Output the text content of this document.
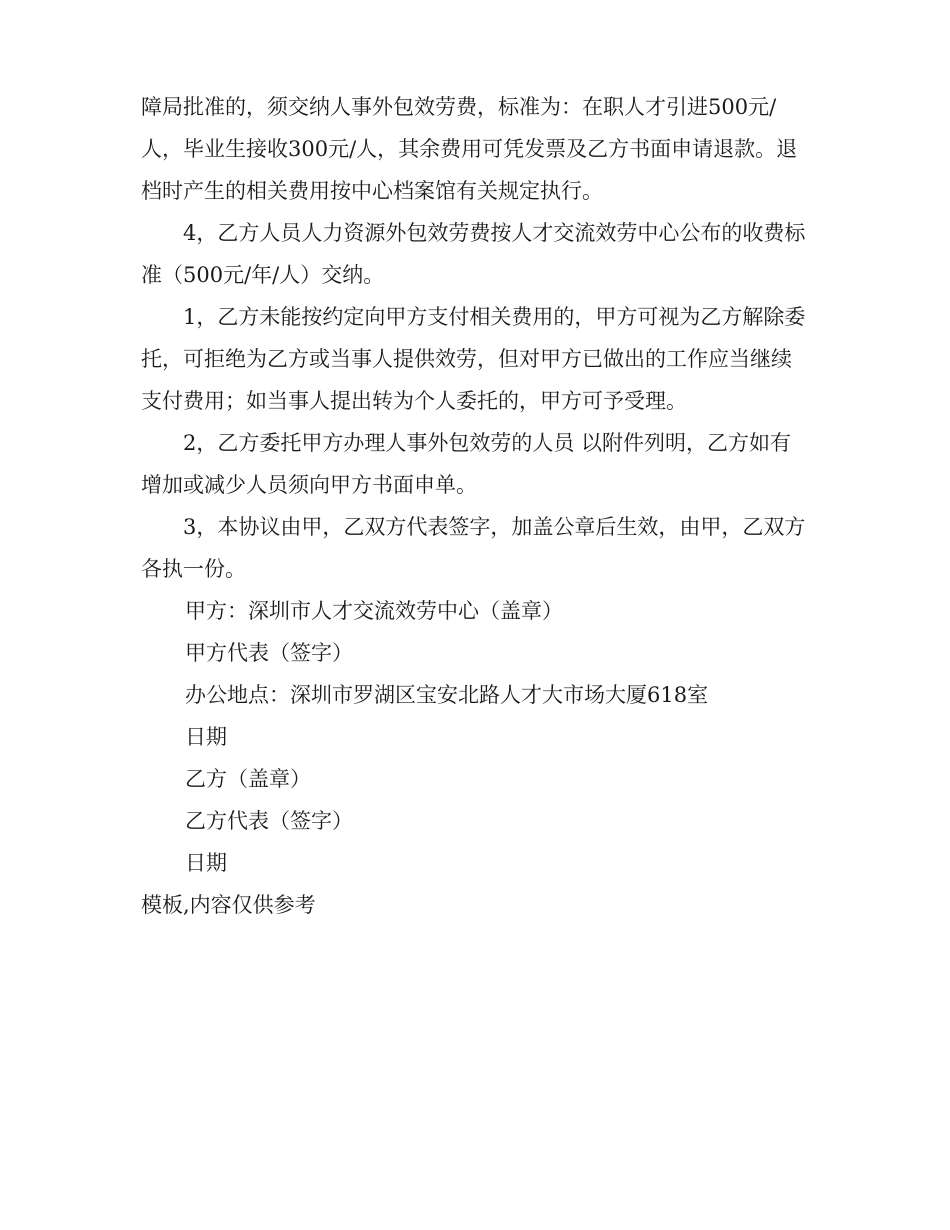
障局批准的，须交纳人事外包效劳费，标准为：在职人才引进500元/人，毕业生接收300元/人，其余费用可凭发票及乙方书面申请退款。退档时产生的相关费用按中心档案馆有关规定执行。

4，乙方人员人力资源外包效劳费按人才交流效劳中心公布的收费标准（500元/年/人）交纳。

1，乙方未能按约定向甲方支付相关费用的，甲方可视为乙方解除委托，可拒绝为乙方或当事人提供效劳，但对甲方已做出的工作应当继续支付费用；如当事人提出转为个人委托的，甲方可予受理。

2，乙方委托甲方办理人事外包效劳的人员 以附件列明，乙方如有增加或减少人员须向甲方书面申单。

3，本协议由甲，乙双方代表签字，加盖公章后生效，由甲，乙双方各执一份。

甲方：深圳市人才交流效劳中心（盖章）
甲方代表（签字）
办公地点：深圳市罗湖区宝安北路人才大市场大厦618室
日期
乙方（盖章）
乙方代表（签字）
日期
模板,内容仅供参考
